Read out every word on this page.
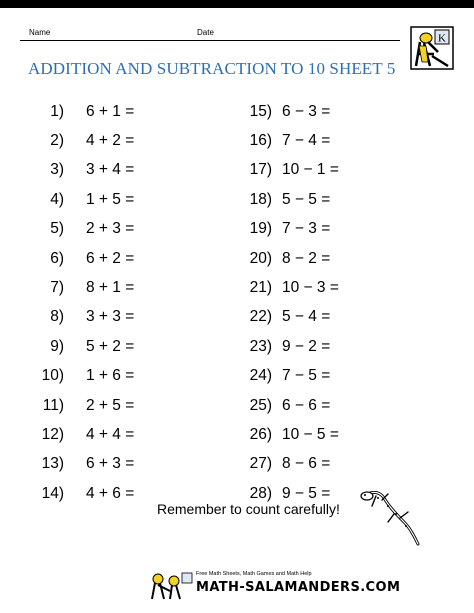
Name	Date
ADDITION AND SUBTRACTION TO 10 SHEET 5
K
1)	6 + 1 =
2)	4 + 2 =
3)	3 + 4 =
4)	1 + 5 =
5)	2 + 3 =
6)	6 + 2 =
7)	8 + 1 =
8)	3 + 3 =
9)	5 + 2 =
10)	1 + 6 =
11)	2 + 5 =
12)	4 + 4 =
13)	6 + 3 =
14)	4 + 6 =
15) 6 − 3 =
16) 7 − 4 =
17) 10 − 1 =
18) 5 − 5 =
19) 7 − 3 =
20) 8 − 2 =
21) 10 − 3 =
22) 5 − 4 =
23) 9 − 2 =
24) 7 − 5 =
25) 6 − 6 =
26) 10 − 5 =
27) 8 − 6 =
28) 9 − 5 =
Remember to count carefully!
Free Math Sheets, Math Games and Math Help
MATH-SALAMANDERS.COM
